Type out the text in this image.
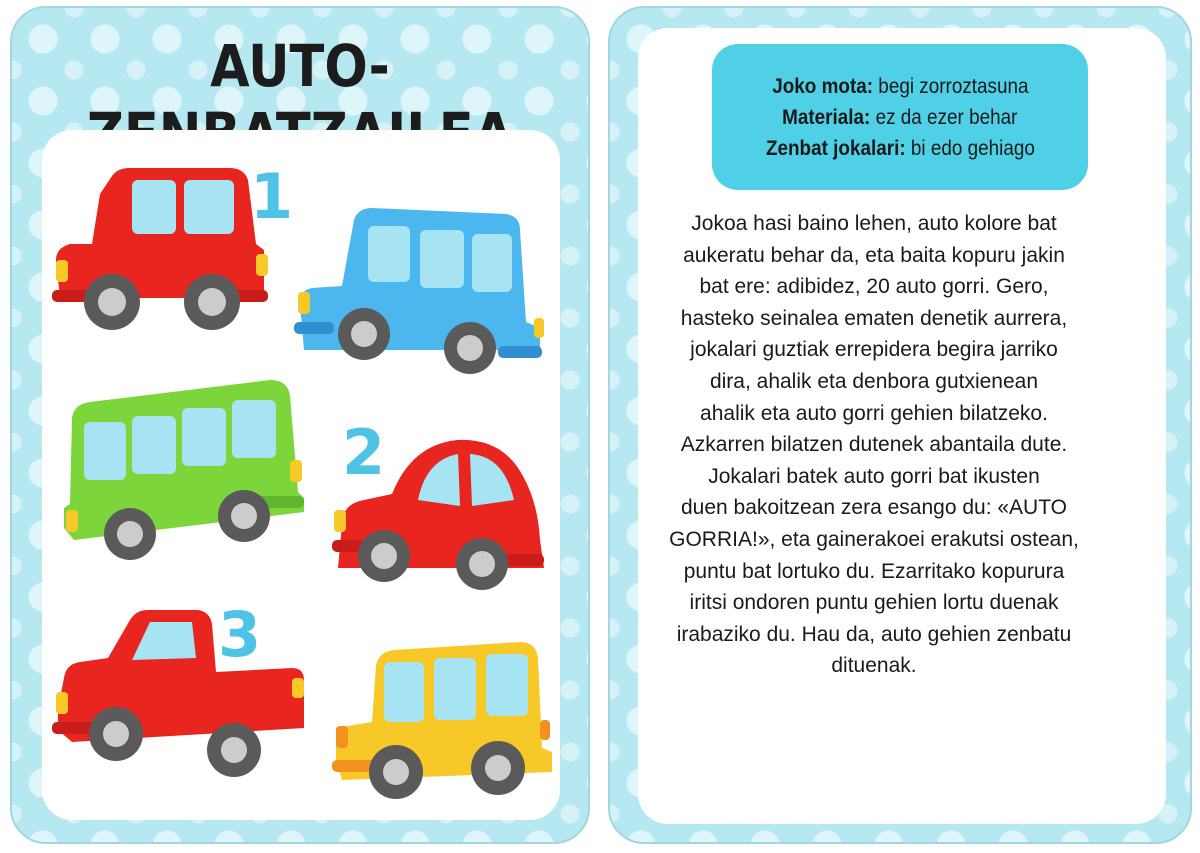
AUTO-
1
2
3
Joko mota: begi zorroztasuna
Materiala: ez da ezer behar
Zenbat jokalari: bi edo gehiago
Jokoa hasi baino lehen, auto kolore bat
aukeratu behar da, eta baita kopuru jakin
bat ere: adibidez, 20 auto gorri. Gero,
hasteko seinalea ematen denetik aurrera,
jokalari guztiak errepidera begira jarriko
dira, ahalik eta denbora gutxienean
ahalik eta auto gorri gehien bilatzeko.
Azkarren bilatzen dutenek abantaila dute.
Jokalari batek auto gorri bat ikusten
duen bakoitzean zera esango du: «AUTO
GORRIA!», eta gainerakoei erakutsi ostean,
puntu bat lortuko du. Ezarritako kopurura
iritsi ondoren puntu gehien lortu duenak
irabaziko du. Hau da, auto gehien zenbatu
dituenak.
